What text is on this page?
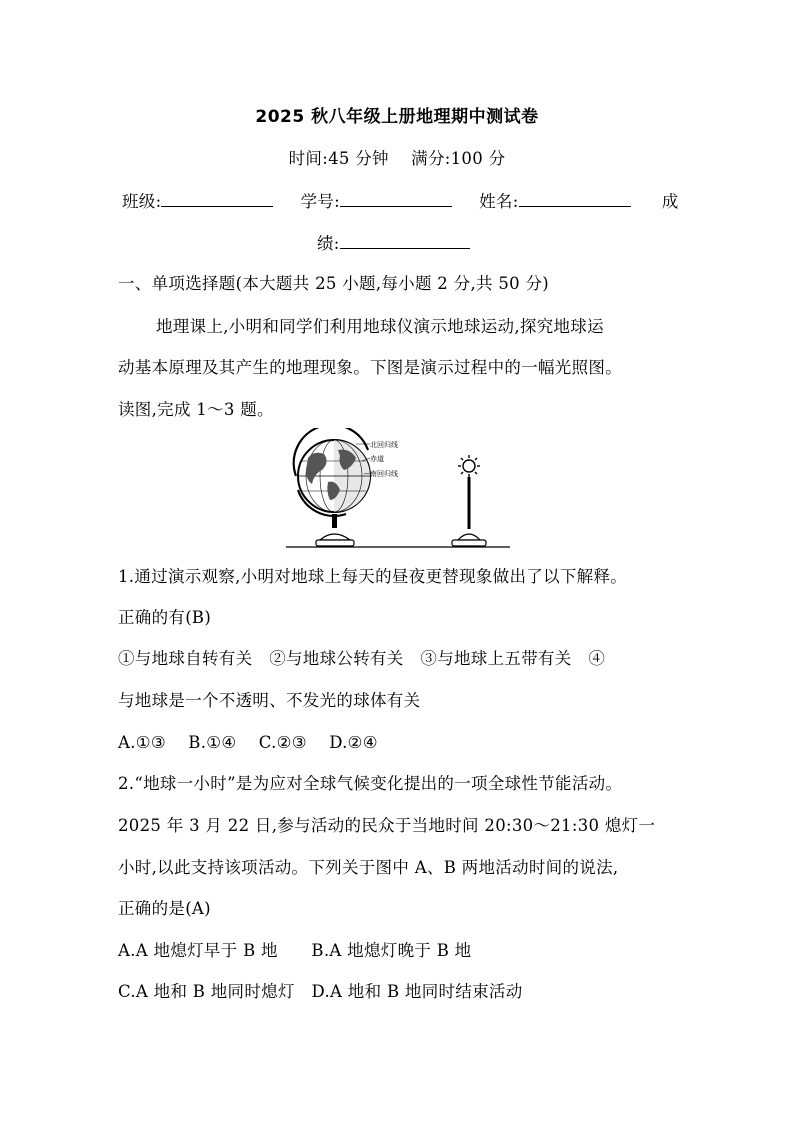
2025 秋八年级上册地理期中测试卷
时间:45 分钟　 满分:100 分
班级:	学号:	姓名:	成
绩:
一、单项选择题(本大题共 25 小题,每小题 2 分,共 50 分)
地理课上,小明和同学们利用地球仪演示地球运动,探究地球运
动基本原理及其产生的地理现象。下图是演示过程中的一幅光照图。
读图,完成 1～3 题。
北回归线
赤道
南回归线
1.通过演示观察,小明对地球上每天的昼夜更替现象做出了以下解释。
正确的有(B)
①与地球自转有关　②与地球公转有关　③与地球上五带有关　④
与地球是一个不透明、不发光的球体有关
A.①③　 B.①④　 C.②③　 D.②④
2.“地球一小时”是为应对全球气候变化提出的一项全球性节能活动。
2025 年 3 月 22 日,参与活动的民众于当地时间 20:30～21:30 熄灯一
小时,以此支持该项活动。下列关于图中 A、B 两地活动时间的说法,
正确的是(A)
A.A 地熄灯早于 B 地　　B.A 地熄灯晚于 B 地
C.A 地和 B 地同时熄灯　D.A 地和 B 地同时结束活动
